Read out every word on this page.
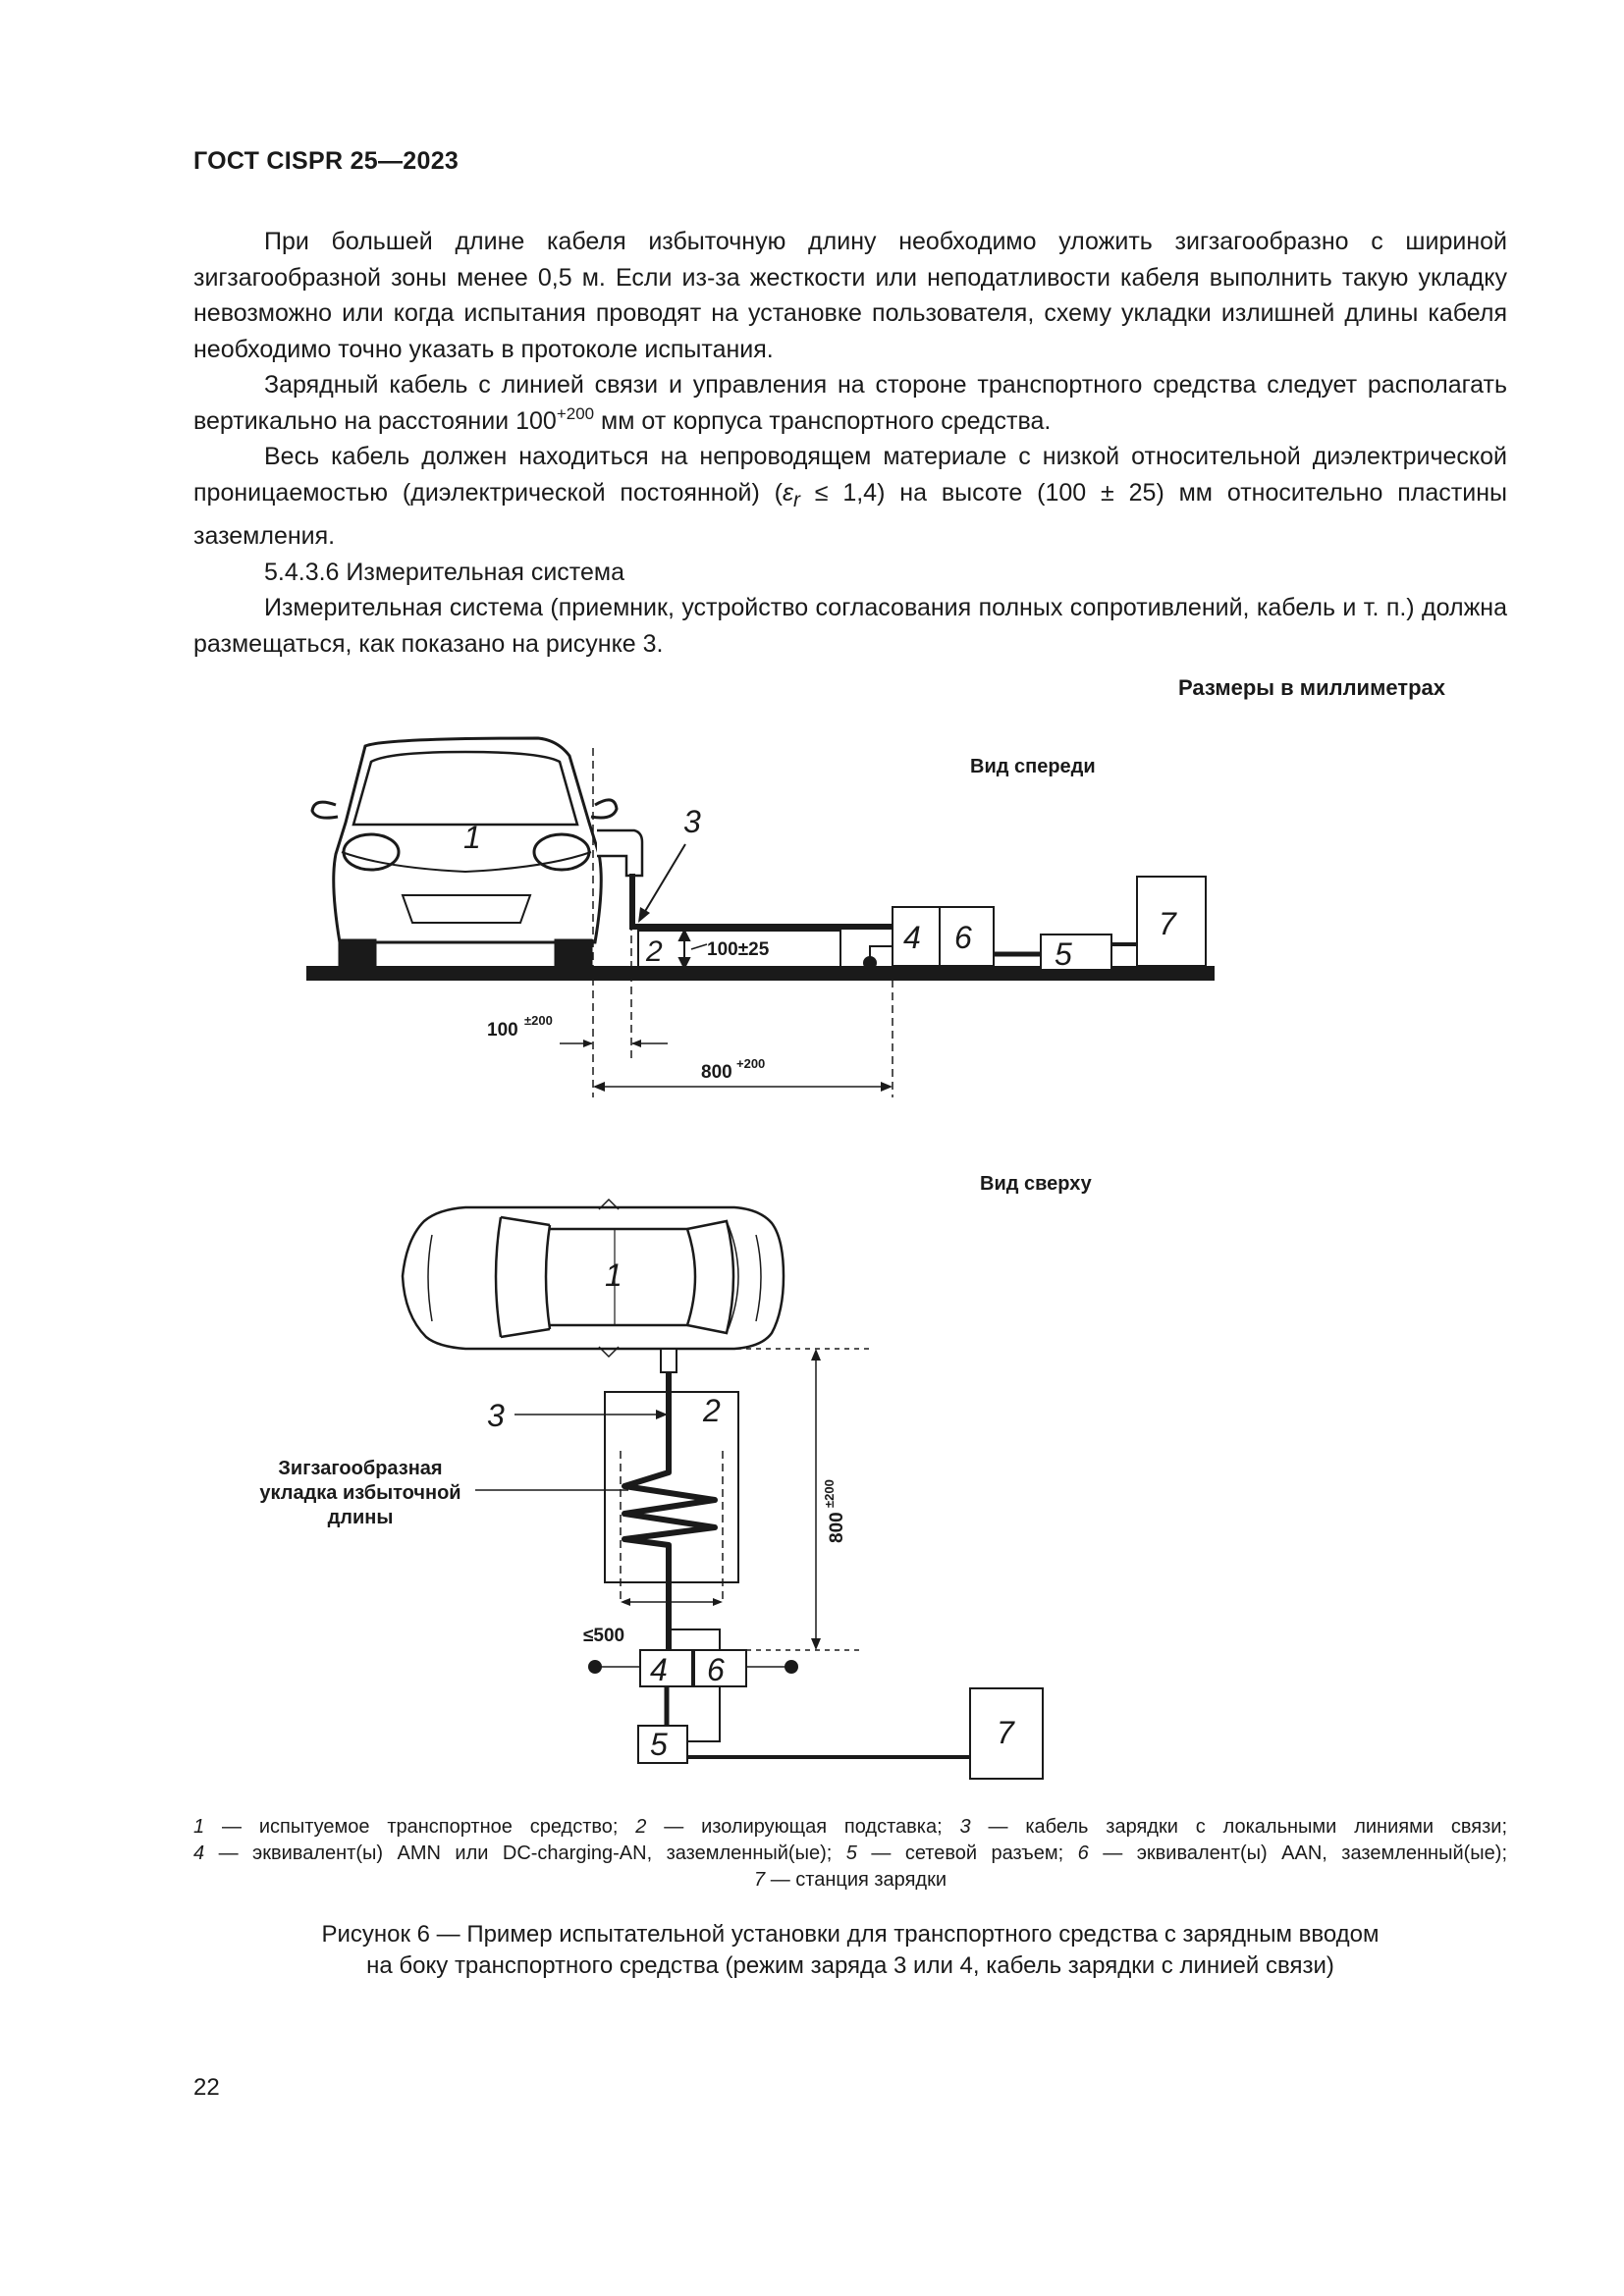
ГОСТ CISPR 25—2023

При большей длине кабеля избыточную длину необходимо уложить зигзагообразно с шириной зигзагообразной зоны менее 0,5 м. Если из-за жесткости или неподатливости кабеля выполнить такую укладку невозможно или когда испытания проводят на установке пользователя, схему укладки излишней длины кабеля необходимо точно указать в протоколе испытания.

Зарядный кабель с линией связи и управления на стороне транспортного средства следует располагать вертикально на расстоянии $100^{+200}$ мм от корпуса транспортного средства.

Весь кабель должен находиться на непроводящем материале с низкой относительной диэлектрической проницаемостью (диэлектрической постоянной) $(\varepsilon_r \le 1,4)$ на высоте (100 ± 25) мм относительно пластины заземления.

5.4.3.6 Измерительная система

Измерительная система (приемник, устройство согласования полных сопротивлений, кабель и т. п.) должна размещаться, как показано на рисунке 3.

Размеры в миллиметрах
Вид спереди
1
2 100±25
3
4 6	5
7
100 ±200
800 +200
Вид сверху
1
2
3
Зигзагообразная
укладка избыточной
длины
≤500
800
±200
4 6
5	7

1 — испытуемое транспортное средство; 2 — изолирующая подставка; 3 — кабель зарядки с локальными линиями связи;

4 — эквивалент(ы) AMN или DC-charging-AN, заземленный(ые); 5 — сетевой разъем; 6 — эквивалент(ы) AAN, заземленный(ые);

7 — станция зарядки

Рисунок 6 — Пример испытательной установки для транспортного средства с зарядным вводом
на боку транспортного средства (режим заряда 3 или 4, кабель зарядки с линией связи)
22
